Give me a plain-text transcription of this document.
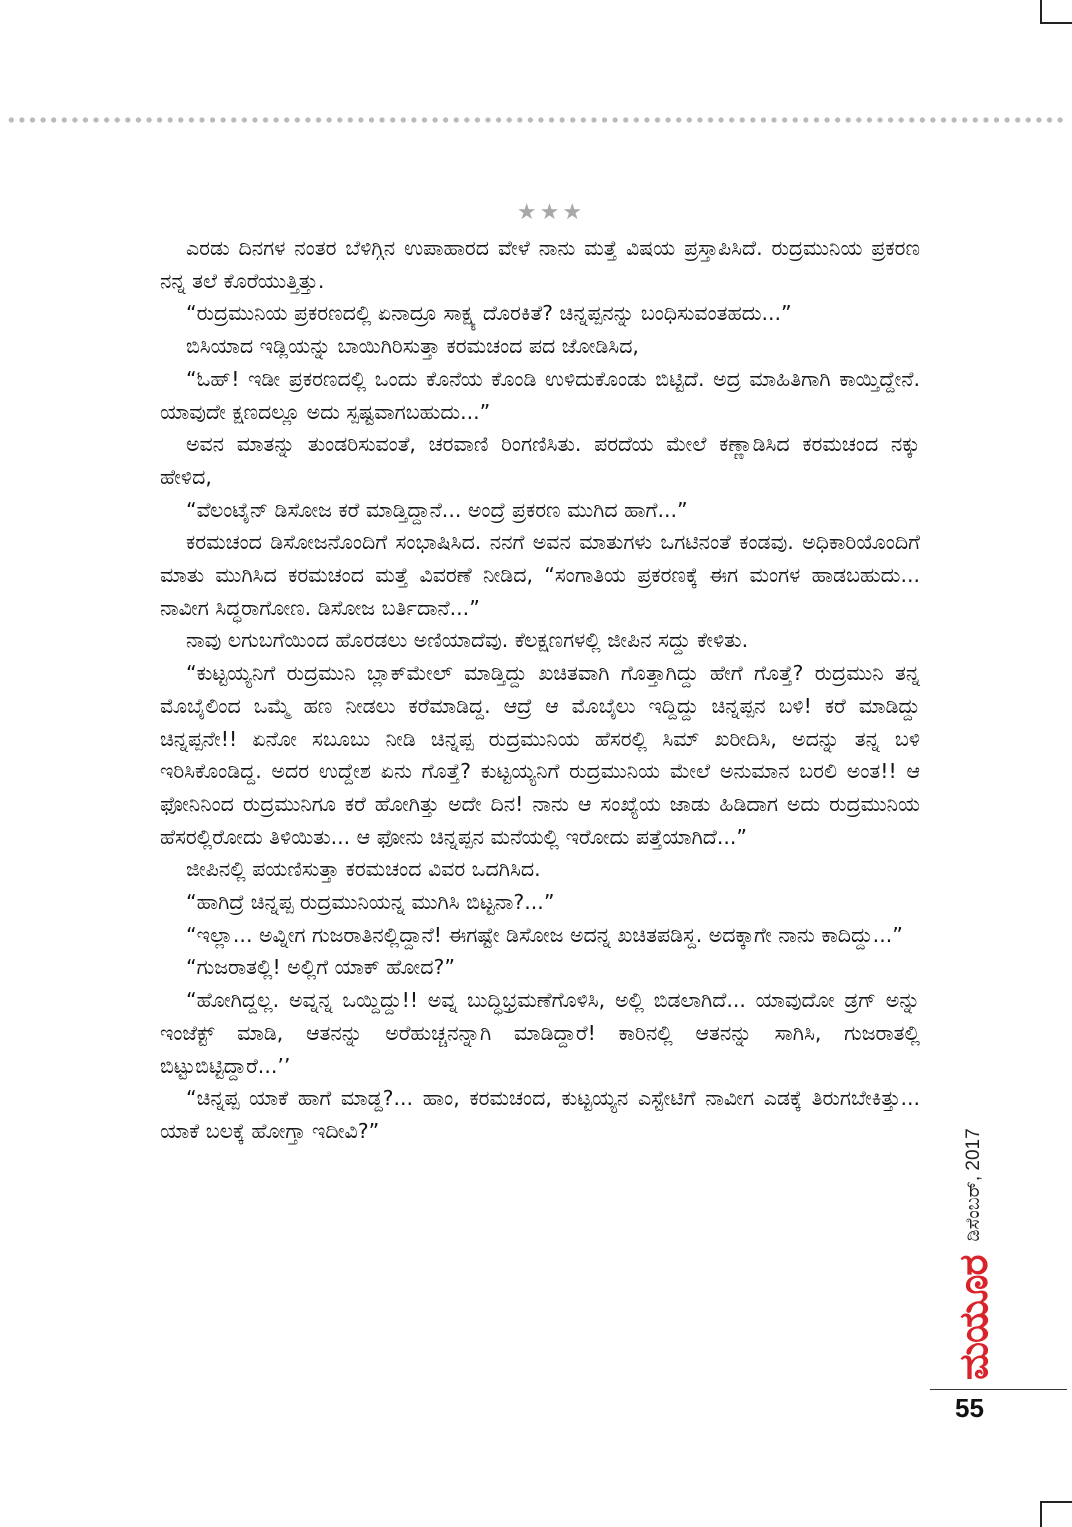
★★★

ಎರಡು ದಿನಗಳ ನಂತರ ಬೆಳಿಗ್ಗಿನ ಉಪಾಹಾರದ ವೇಳೆ ನಾನು ಮತ್ತೆ ವಿಷಯ ಪ್ರಸ್ತಾಪಿಸಿದೆ. ರುದ್ರಮುನಿಯ ಪ್ರಕರಣ ನನ್ನ ತಲೆ ಕೊರೆಯುತ್ತಿತ್ತು.

“ರುದ್ರಮುನಿಯ ಪ್ರಕರಣದಲ್ಲಿ ಏನಾದ್ರೂ ಸಾಕ್ಷ್ಯ ದೊರಕಿತೆ? ಚಿನ್ನಪ್ಪನನ್ನು ಬಂಧಿಸುವಂತಹದು...”

ಬಿಸಿಯಾದ ಇಡ್ಲಿಯನ್ನು ಬಾಯಿಗಿರಿಸುತ್ತಾ ಕರಮಚಂದ ಪದ ಜೋಡಿಸಿದ,

“ಓಹ್! ಇಡೀ ಪ್ರಕರಣದಲ್ಲಿ ಒಂದು ಕೊನೆಯ ಕೊಂಡಿ ಉಳಿದುಕೊಂಡು ಬಿಟ್ಟಿದೆ. ಅದ್ರ ಮಾಹಿತಿಗಾಗಿ ಕಾಯ್ತಿದ್ದೇನೆ. ಯಾವುದೇ ಕ್ಷಣದಲ್ಲೂ ಅದು ಸ್ಪಷ್ಟವಾಗಬಹುದು...”

ಅವನ ಮಾತನ್ನು ತುಂಡರಿಸುವಂತೆ, ಚರವಾಣಿ ರಿಂಗಣಿಸಿತು. ಪರದೆಯ ಮೇಲೆ ಕಣ್ಣಾಡಿಸಿದ ಕರಮಚಂದ ನಕ್ಕು ಹೇಳಿದ,

“ವೆಲಂಟೈನ್ ಡಿಸೋಜ ಕರೆ ಮಾಡ್ತಿದ್ದಾನೆ... ಅಂದ್ರೆ ಪ್ರಕರಣ ಮುಗಿದ ಹಾಗೆ...”

ಕರಮಚಂದ ಡಿಸೋಜನೊಂದಿಗೆ ಸಂಭಾಷಿಸಿದ. ನನಗೆ ಅವನ ಮಾತುಗಳು ಒಗಟಿನಂತೆ ಕಂಡವು. ಅಧಿಕಾರಿಯೊಂದಿಗೆ ಮಾತು ಮುಗಿಸಿದ ಕರಮಚಂದ ಮತ್ತೆ ವಿವರಣೆ ನೀಡಿದ, “ಸಂಗಾತಿಯ ಪ್ರಕರಣಕ್ಕೆ ಈಗ ಮಂಗಳ ಹಾಡಬಹುದು... ನಾವೀಗ ಸಿದ್ಧರಾಗೋಣ. ಡಿಸೋಜ ಬರ್ತಿದಾನೆ...”

ನಾವು ಲಗುಬಗೆಯಿಂದ ಹೊರಡಲು ಅಣಿಯಾದೆವು. ಕೆಲಕ್ಷಣಗಳಲ್ಲಿ ಜೀಪಿನ ಸದ್ದು ಕೇಳಿತು.

“ಕುಟ್ಟಯ್ಯನಿಗೆ ರುದ್ರಮುನಿ ಬ್ಲಾಕ್‌ಮೇಲ್ ಮಾಡ್ತಿದ್ದು ಖಚಿತವಾಗಿ ಗೊತ್ತಾಗಿದ್ದು ಹೇಗೆ ಗೊತ್ತೆ? ರುದ್ರಮುನಿ ತನ್ನ ಮೊಬೈಲಿಂದ ಒಮ್ಮೆ ಹಣ ನೀಡಲು ಕರೆಮಾಡಿದ್ದ. ಆದ್ರೆ ಆ ಮೊಬೈಲು ಇದ್ದಿದ್ದು ಚಿನ್ನಪ್ಪನ ಬಳಿ! ಕರೆ ಮಾಡಿದ್ದು ಚಿನ್ನಪ್ಪನೇ!! ಏನೋ ಸಬೂಬು ನೀಡಿ ಚಿನ್ನಪ್ಪ ರುದ್ರಮುನಿಯ ಹೆಸರಲ್ಲಿ ಸಿಮ್ ಖರೀದಿಸಿ, ಅದನ್ನು ತನ್ನ ಬಳಿ ಇರಿಸಿಕೊಂಡಿದ್ದ. ಅದರ ಉದ್ದೇಶ ಏನು ಗೊತ್ತೆ? ಕುಟ್ಟಯ್ಯನಿಗೆ ರುದ್ರಮುನಿಯ ಮೇಲೆ ಅನುಮಾನ ಬರಲಿ ಅಂತ!! ಆ ಫೋನಿನಿಂದ ರುದ್ರಮುನಿಗೂ ಕರೆ ಹೋಗಿತ್ತು ಅದೇ ದಿನ! ನಾನು ಆ ಸಂಖ್ಯೆಯ ಜಾಡು ಹಿಡಿದಾಗ ಅದು ರುದ್ರಮುನಿಯ ಹೆಸರಲ್ಲಿರೋದು ತಿಳಿಯಿತು... ಆ ಫೋನು ಚಿನ್ನಪ್ಪನ ಮನೆಯಲ್ಲಿ ಇರೋದು ಪತ್ತೆಯಾಗಿದೆ...”

ಜೀಪಿನಲ್ಲಿ ಪಯಣಿಸುತ್ತಾ ಕರಮಚಂದ ವಿವರ ಒದಗಿಸಿದ.

“ಹಾಗಿದ್ರೆ ಚಿನ್ನಪ್ಪ ರುದ್ರಮುನಿಯನ್ನ ಮುಗಿಸಿ ಬಿಟ್ಟನಾ?...”

“ಇಲ್ಲಾ... ಅವ್ನೀಗ ಗುಜರಾತಿನಲ್ಲಿದ್ದಾನೆ! ಈಗಷ್ಟೇ ಡಿಸೋಜ ಅದನ್ನ ಖಚಿತಪಡಿಸ್ದ. ಅದಕ್ಕಾಗೇ ನಾನು ಕಾದಿದ್ದು...”

“ಗುಜರಾತಲ್ಲಿ! ಅಲ್ಲಿಗೆ ಯಾಕ್ ಹೋದ?”

“ಹೋಗಿದ್ದಲ್ಲ. ಅವ್ನನ್ನ ಒಯ್ದಿದ್ದು!! ಅವ್ನ ಬುದ್ಧಿಭ್ರಮಣೆಗೊಳಿಸಿ, ಅಲ್ಲಿ ಬಿಡಲಾಗಿದೆ... ಯಾವುದೋ ಡ್ರಗ್ ಅನ್ನು ಇಂಜೆಕ್ಟ್ ಮಾಡಿ, ಆತನನ್ನು ಅರೆಹುಚ್ಚನನ್ನಾಗಿ ಮಾಡಿದ್ದಾರೆ! ಕಾರಿನಲ್ಲಿ ಆತನನ್ನು ಸಾಗಿಸಿ, ಗುಜರಾತಲ್ಲಿ ಬಿಟ್ಟುಬಿಟ್ಟಿದ್ದಾರೆ...’’

“ಚಿನ್ನಪ್ಪ ಯಾಕೆ ಹಾಗೆ ಮಾಡ್ದ?... ಹಾಂ, ಕರಮಚಂದ, ಕುಟ್ಟಯ್ಯನ ಎಸ್ಟೇಟಿಗೆ ನಾವೀಗ ಎಡಕ್ಕೆ ತಿರುಗಬೇಕಿತ್ತು... ಯಾಕೆ ಬಲಕ್ಕೆ ಹೋಗ್ತಾ ಇದೀವಿ?”

ಮಯೂರ
ಡಿಸೆಂಬರ್, 2017
55
